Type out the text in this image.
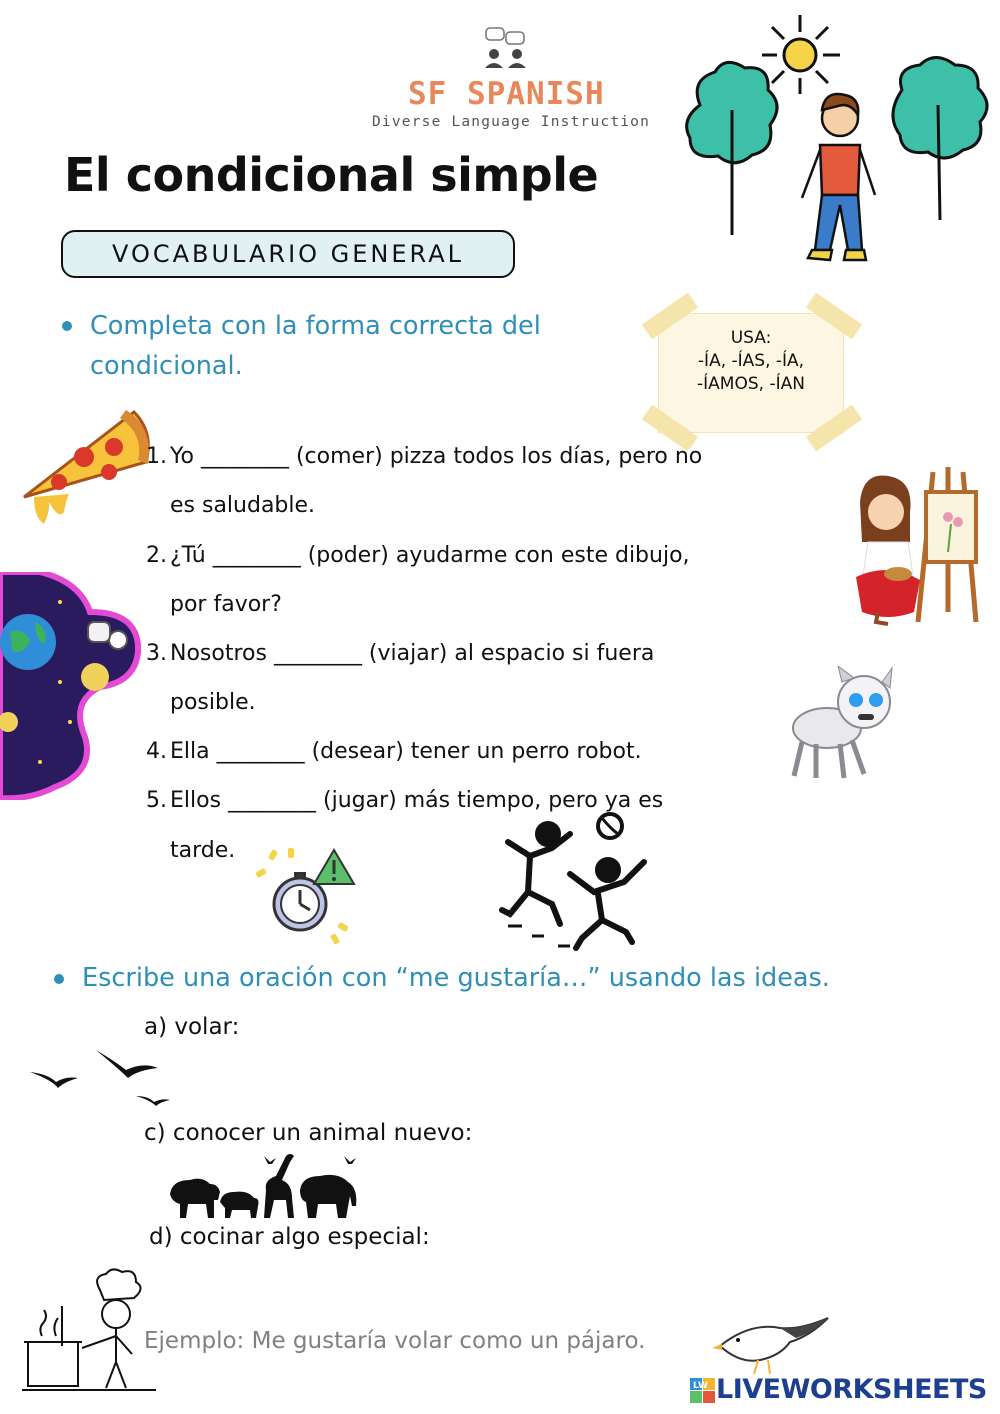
SF SPANISH
Diverse Language Instruction
El condicional simple
VOCABULARIO GENERAL
Completa con la forma correcta del
condicional.
USA:
-ÍA, -ÍAS, -ÍA,
-ÍAMOS, -ÍAN
1. Yo ________ (comer) pizza todos los días, pero no
es saludable.
2. ¿Tú ________ (poder) ayudarme con este dibujo,
por favor?
3. Nosotros ________ (viajar) al espacio si fuera
posible.
4. Ella ________ (desear) tener un perro robot.
5. Ellos ________ (jugar) más tiempo, pero ya es
tarde.
Escribe una oración con “me gustaría…” usando las ideas.
a) volar:
c) conocer un animal nuevo:
d) cocinar algo especial:
Ejemplo: Me gustaría volar como un pájaro.
LW LIVEWORKSHEETS
